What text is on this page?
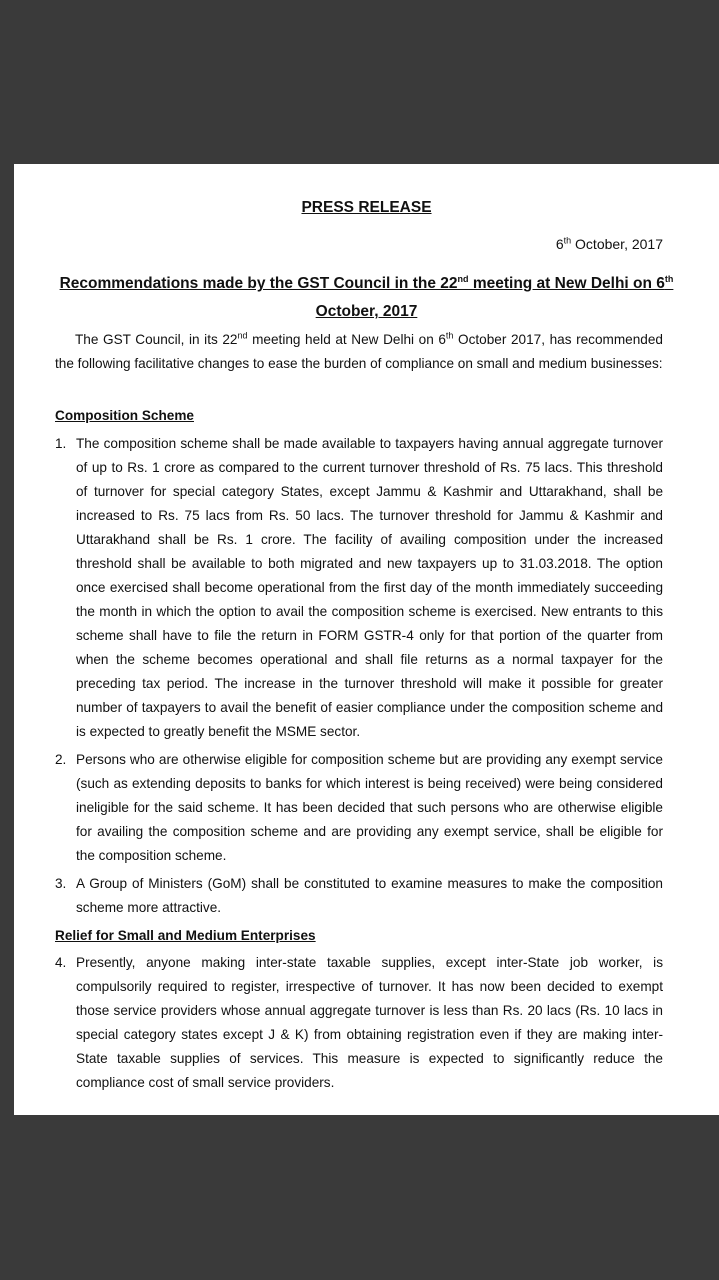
PRESS RELEASE
6th October, 2017
Recommendations made by the GST Council in the 22nd meeting at New Delhi on 6th
October, 2017
The GST Council, in its 22nd meeting held at New Delhi on 6th October 2017, has recommended the following facilitative changes to ease the burden of compliance on small and medium businesses:
Composition Scheme
1. The composition scheme shall be made available to taxpayers having annual aggregate turnover of up to Rs. 1 crore as compared to the current turnover threshold of Rs. 75 lacs. This threshold of turnover for special category States, except Jammu & Kashmir and Uttarakhand, shall be increased to Rs. 75 lacs from Rs. 50 lacs. The turnover threshold for Jammu & Kashmir and Uttarakhand shall be Rs. 1 crore. The facility of availing composition under the increased threshold shall be available to both migrated and new taxpayers up to 31.03.2018. The option once exercised shall become operational from the first day of the month immediately succeeding the month in which the option to avail the composition scheme is exercised. New entrants to this scheme shall have to file the return in FORM GSTR-4 only for that portion of the quarter from when the scheme becomes operational and shall file returns as a normal taxpayer for the preceding tax period. The increase in the turnover threshold will make it possible for greater number of taxpayers to avail the benefit of easier compliance under the composition scheme and is expected to greatly benefit the MSME sector.
2. Persons who are otherwise eligible for composition scheme but are providing any exempt service (such as extending deposits to banks for which interest is being received) were being considered ineligible for the said scheme. It has been decided that such persons who are otherwise eligible for availing the composition scheme and are providing any exempt service, shall be eligible for the composition scheme.
3. A Group of Ministers (GoM) shall be constituted to examine measures to make the composition scheme more attractive.
Relief for Small and Medium Enterprises
4. Presently, anyone making inter-state taxable supplies, except inter-State job worker, is compulsorily required to register, irrespective of turnover. It has now been decided to exempt those service providers whose annual aggregate turnover is less than Rs. 20 lacs (Rs. 10 lacs in special category states except J & K) from obtaining registration even if they are making inter-State taxable supplies of services. This measure is expected to significantly reduce the compliance cost of small service providers.
